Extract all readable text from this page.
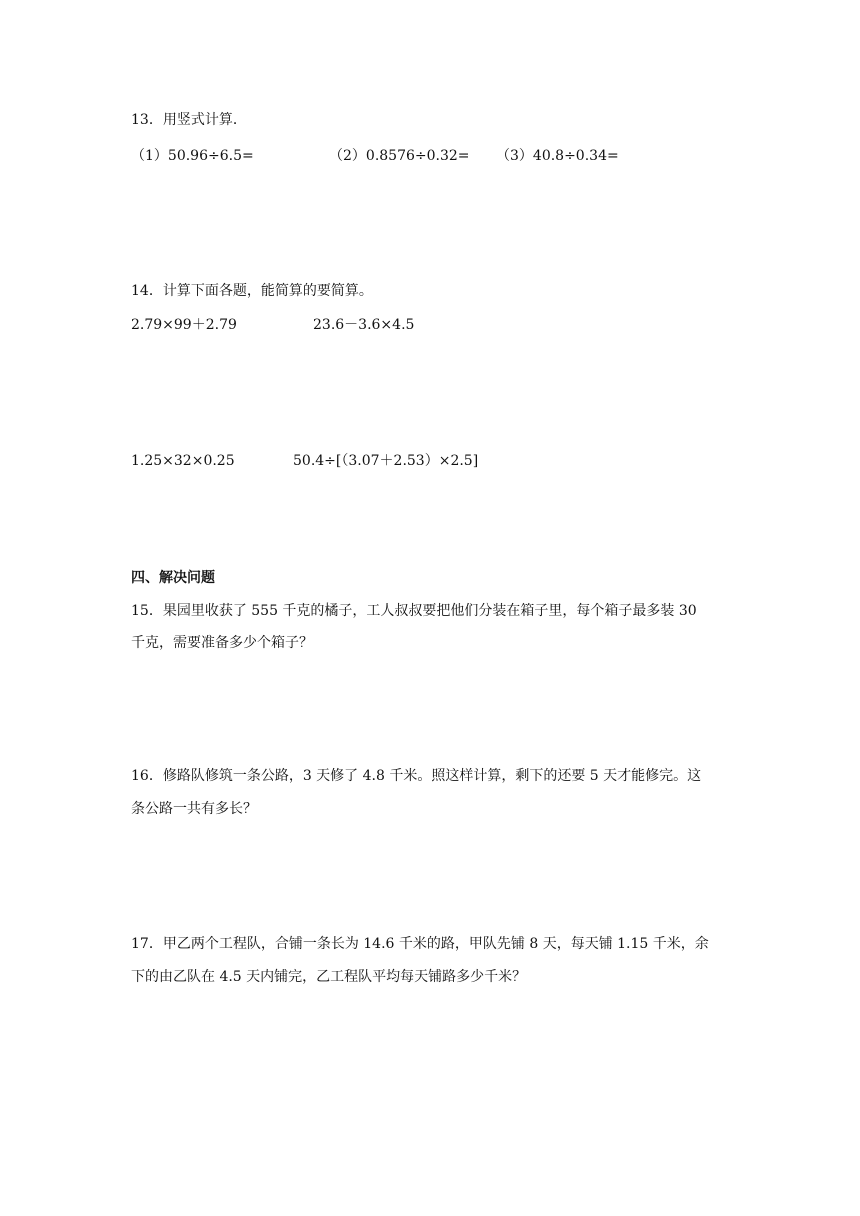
13．用竖式计算．
（1）50.96÷6.5=	（2）0.8576÷0.32= （3）40.8÷0.34=
14．计算下面各题，能简算的要简算。
2.79×99＋2.79	23.6－3.6×4.5
1.25×32×0.25	50.4÷[（3.07＋2.53）×2.5]
四、解决问题
15．果园里收获了 555 千克的橘子，工人叔叔要把他们分装在箱子里，每个箱子最多装 30
千克，需要准备多少个箱子？
16．修路队修筑一条公路，3 天修了 4.8 千米。照这样计算，剩下的还要 5 天才能修完。这
条公路一共有多长？
17．甲乙两个工程队，合铺一条长为 14.6 千米的路，甲队先铺 8 天，每天铺 1.15 千米，余
下的由乙队在 4.5 天内铺完，乙工程队平均每天铺路多少千米？
